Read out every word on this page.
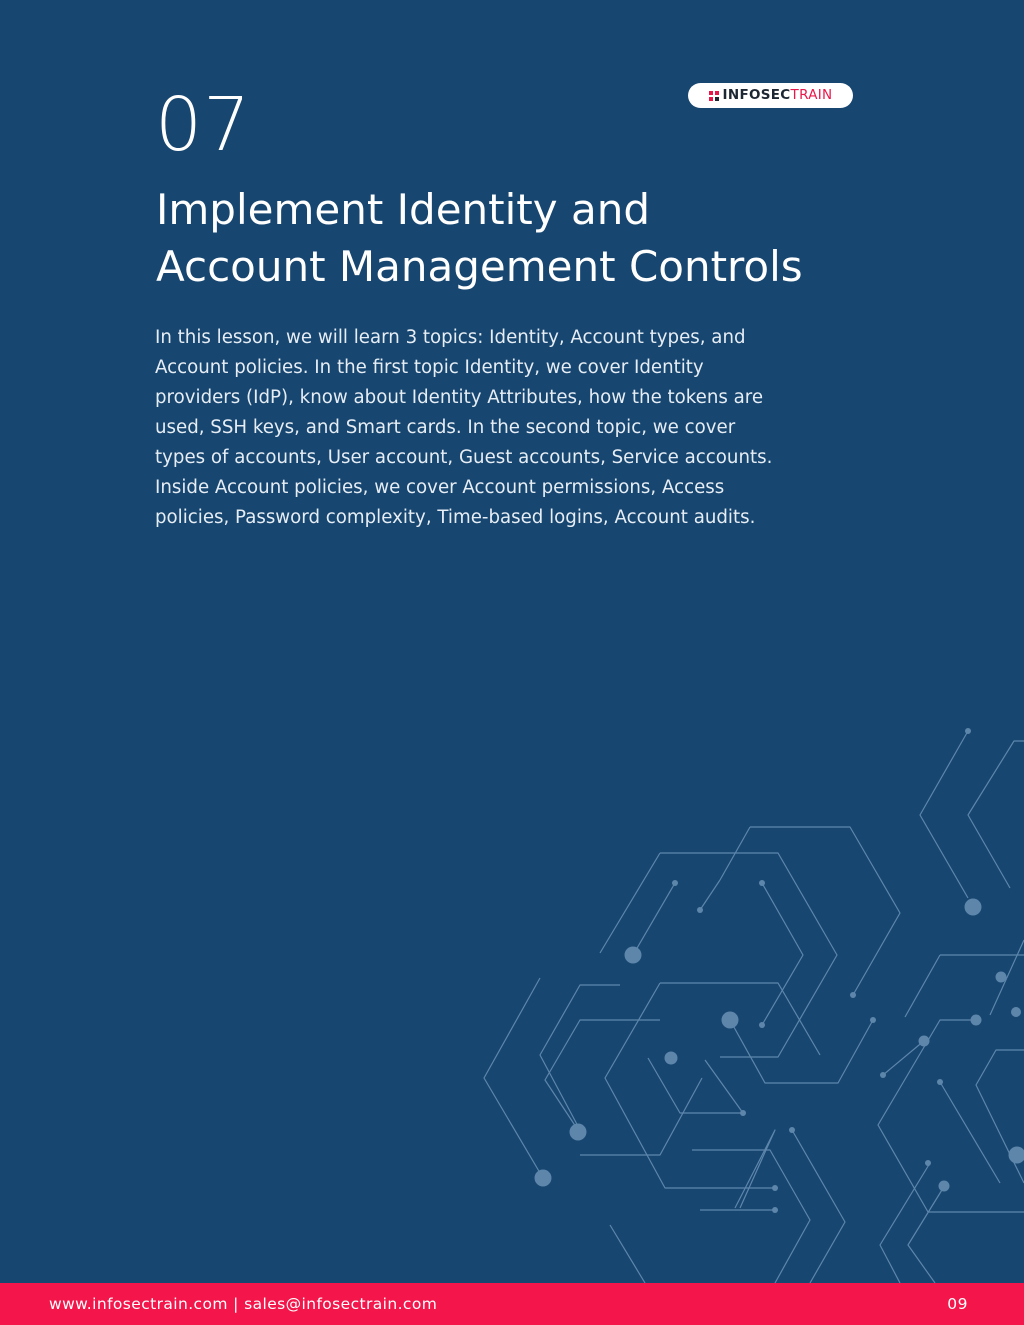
INFOSECTRAIN
07
Implement Identity and
Account Management Controls

In this lesson, we will learn 3 topics: Identity, Account types, and
Account policies. In the first topic Identity, we cover Identity
providers (IdP), know about Identity Attributes, how the tokens are
used, SSH keys, and Smart cards. In the second topic, we cover
types of accounts, User account, Guest accounts, Service accounts.
Inside Account policies, we cover Account permissions, Access
policies, Password complexity, Time-based logins, Account audits.

www.infosectrain.com | sales@infosectrain.com	09
